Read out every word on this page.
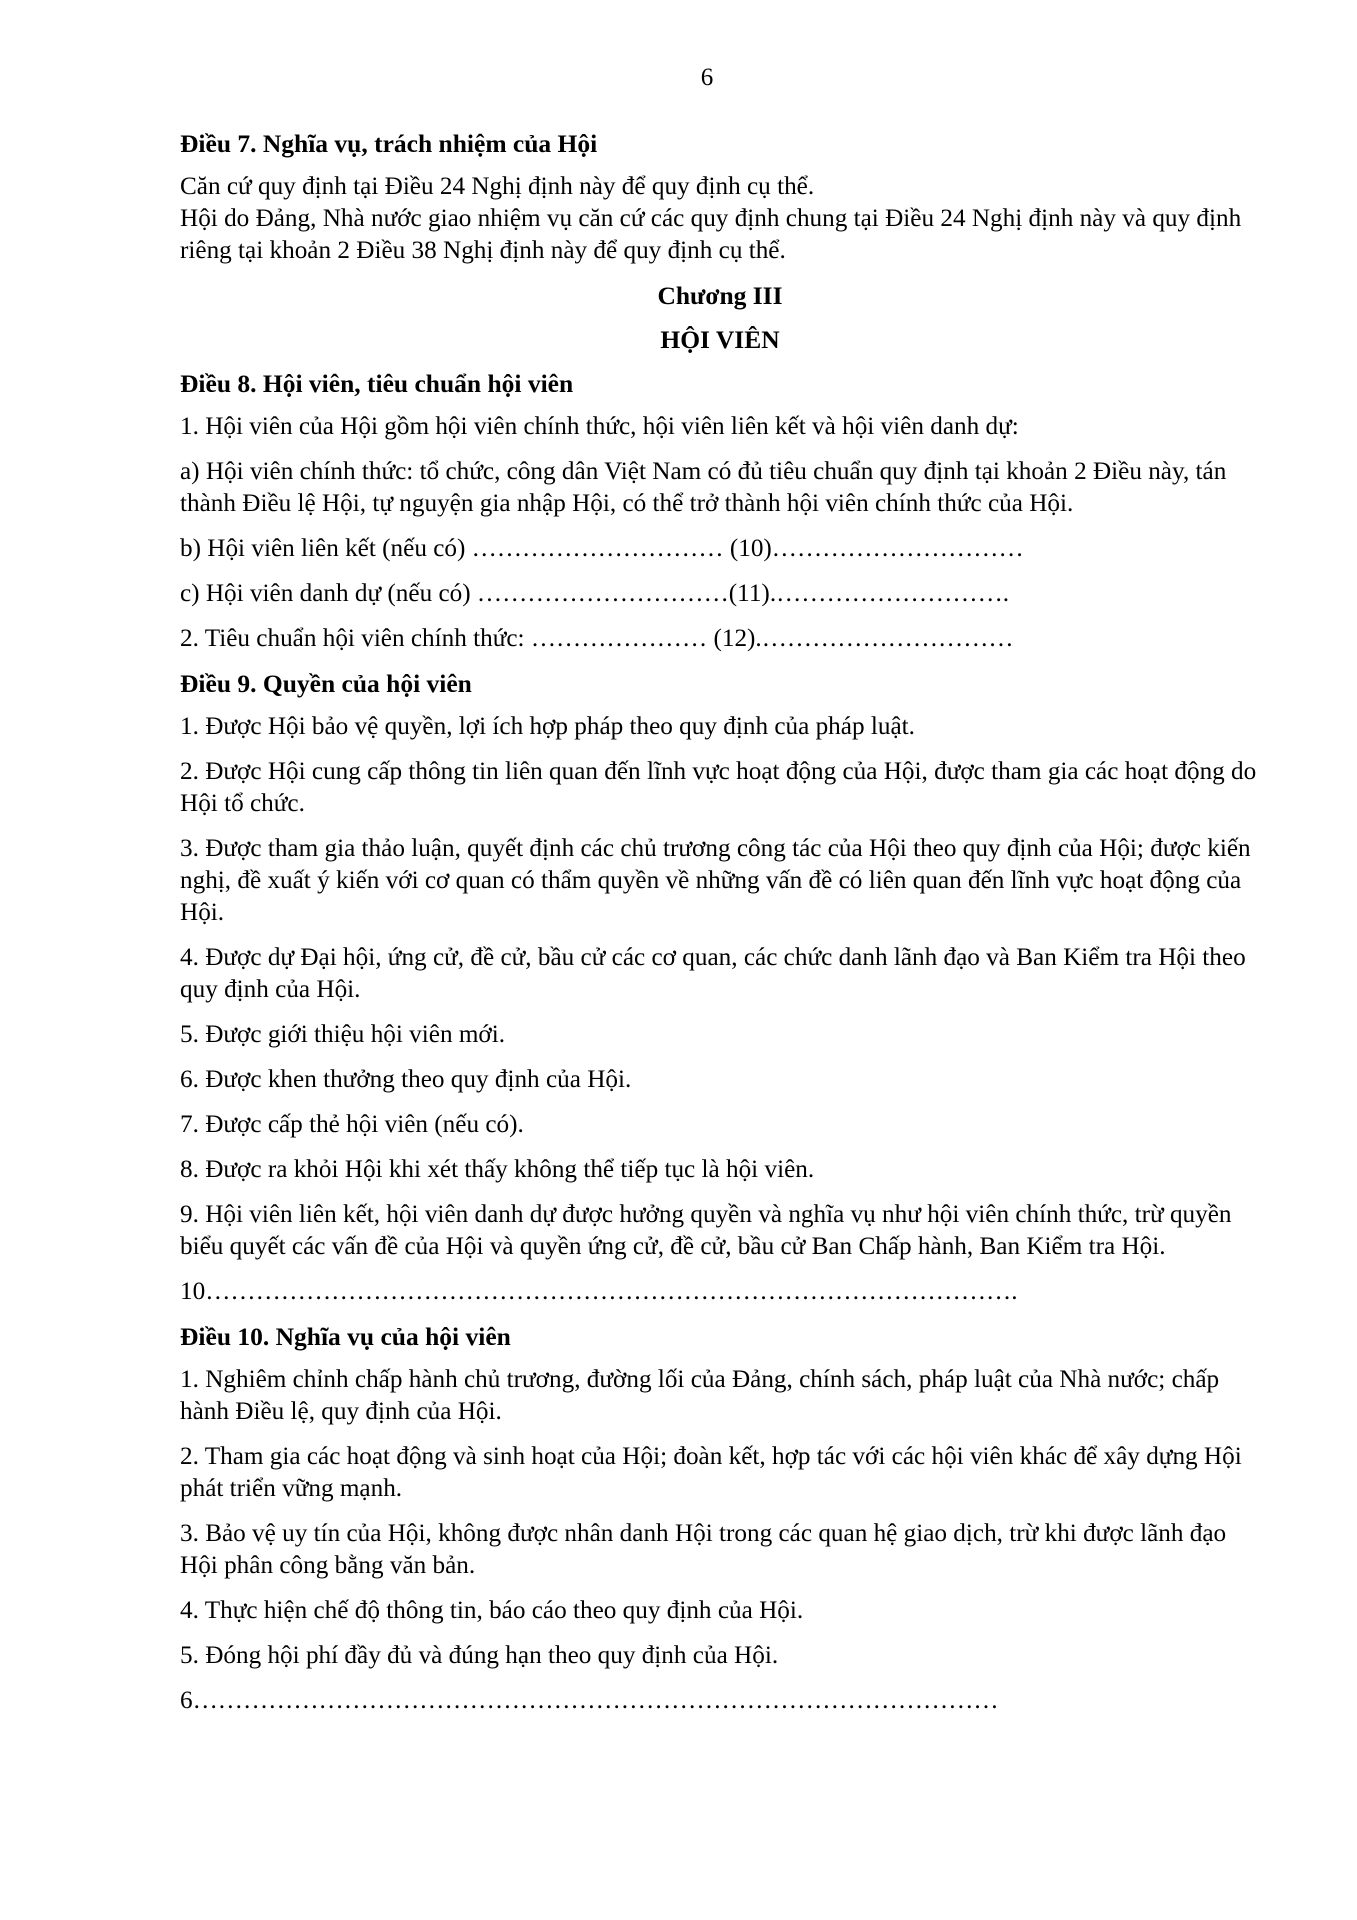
6
Điều 7. Nghĩa vụ, trách nhiệm của Hội
Căn cứ quy định tại Điều 24 Nghị định này để quy định cụ thể.
Hội do Đảng, Nhà nước giao nhiệm vụ căn cứ các quy định chung tại Điều 24 Nghị định này và quy định riêng tại khoản 2 Điều 38 Nghị định này để quy định cụ thể.
Chương III
HỘI VIÊN
Điều 8. Hội viên, tiêu chuẩn hội viên
1. Hội viên của Hội gồm hội viên chính thức, hội viên liên kết và hội viên danh dự:
a) Hội viên chính thức: tổ chức, công dân Việt Nam có đủ tiêu chuẩn quy định tại khoản 2 Điều này, tán thành Điều lệ Hội, tự nguyện gia nhập Hội, có thể trở thành hội viên chính thức của Hội.
b) Hội viên liên kết (nếu có) ………………………… (10)…………………………
c) Hội viên danh dự (nếu có) …………………………(11).……………………….
2. Tiêu chuẩn hội viên chính thức: ………………… (12).…………………………
Điều 9. Quyền của hội viên
1. Được Hội bảo vệ quyền, lợi ích hợp pháp theo quy định của pháp luật.
2. Được Hội cung cấp thông tin liên quan đến lĩnh vực hoạt động của Hội, được tham gia các hoạt động do Hội tổ chức.
3. Được tham gia thảo luận, quyết định các chủ trương công tác của Hội theo quy định của Hội; được kiến nghị, đề xuất ý kiến với cơ quan có thẩm quyền về những vấn đề có liên quan đến lĩnh vực hoạt động của Hội.
4. Được dự Đại hội, ứng cử, đề cử, bầu cử các cơ quan, các chức danh lãnh đạo và Ban Kiểm tra Hội theo quy định của Hội.
5. Được giới thiệu hội viên mới.
6. Được khen thưởng theo quy định của Hội.
7. Được cấp thẻ hội viên (nếu có).
8. Được ra khỏi Hội khi xét thấy không thể tiếp tục là hội viên.
9. Hội viên liên kết, hội viên danh dự được hưởng quyền và nghĩa vụ như hội viên chính thức, trừ quyền biểu quyết các vấn đề của Hội và quyền ứng cử, đề cử, bầu cử Ban Chấp hành, Ban Kiểm tra Hội.
10…………………………………………………………………………………….
Điều 10. Nghĩa vụ của hội viên
1. Nghiêm chỉnh chấp hành chủ trương, đường lối của Đảng, chính sách, pháp luật của Nhà nước; chấp hành Điều lệ, quy định của Hội.
2. Tham gia các hoạt động và sinh hoạt của Hội; đoàn kết, hợp tác với các hội viên khác để xây dựng Hội phát triển vững mạnh.
3. Bảo vệ uy tín của Hội, không được nhân danh Hội trong các quan hệ giao dịch, trừ khi được lãnh đạo Hội phân công bằng văn bản.
4. Thực hiện chế độ thông tin, báo cáo theo quy định của Hội.
5. Đóng hội phí đầy đủ và đúng hạn theo quy định của Hội.
6……………………………………………………………………………………
